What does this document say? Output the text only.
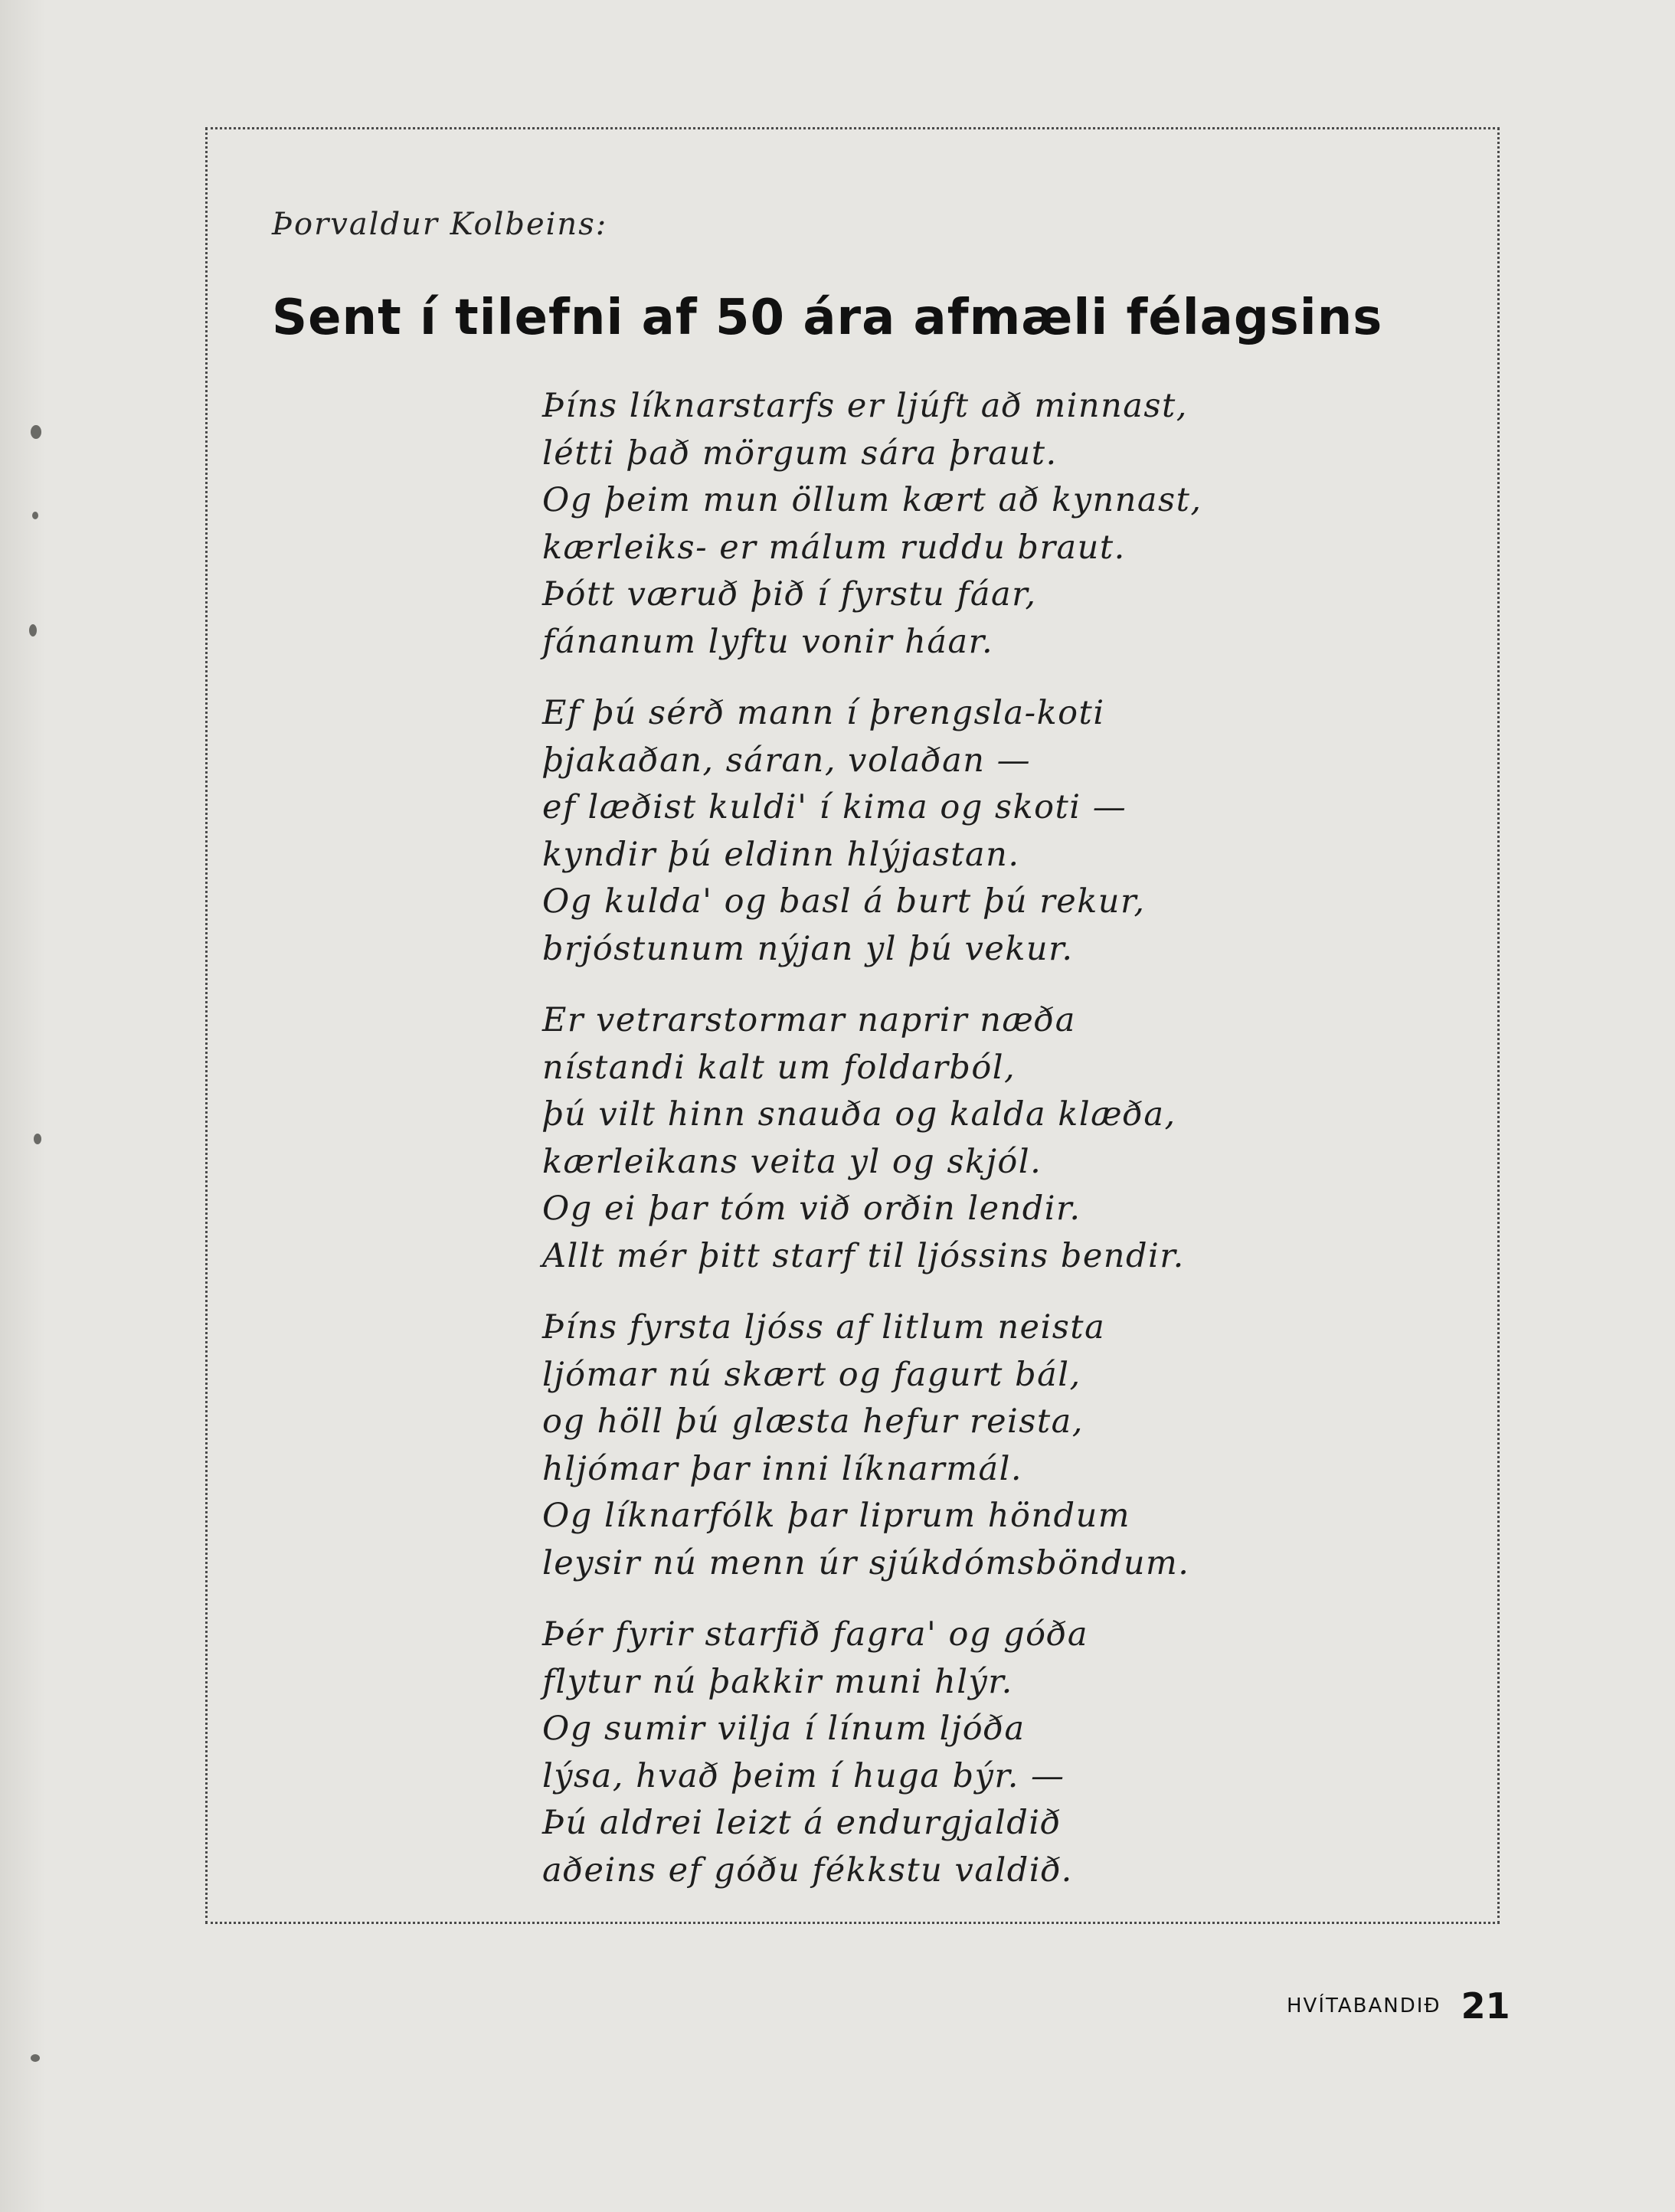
Þorvaldur Kolbeins:
Sent í tilefni af 50 ára afmæli félagsins
Þíns líknarstarfs er ljúft að minnast,
létti það mörgum sára þraut.
Og þeim mun öllum kært að kynnast,
kærleiks- er málum ruddu braut.
Þótt væruð þið í fyrstu fáar,
fánanum lyftu vonir háar.
Ef þú sérð mann í þrengsla-koti
þjakaðan, sáran, volaðan —
ef læðist kuldi' í kima og skoti —
kyndir þú eldinn hlýjastan.
Og kulda' og basl á burt þú rekur,
brjóstunum nýjan yl þú vekur.
Er vetrarstormar naprir næða
nístandi kalt um foldarból,
þú vilt hinn snauða og kalda klæða,
kærleikans veita yl og skjól.
Og ei þar tóm við orðin lendir.
Allt mér þitt starf til ljóssins bendir.
Þíns fyrsta ljóss af litlum neista
ljómar nú skært og fagurt bál,
og höll þú glæsta hefur reista,
hljómar þar inni líknarmál.
Og líknarfólk þar liprum höndum
leysir nú menn úr sjúkdómsböndum.
Þér fyrir starfið fagra' og góða
flytur nú þakkir muni hlýr.
Og sumir vilja í línum ljóða
lýsa, hvað þeim í huga býr. —
Þú aldrei leizt á endurgjaldið
aðeins ef góðu fékkstu valdið.
HVÍTABANDIÐ 21
